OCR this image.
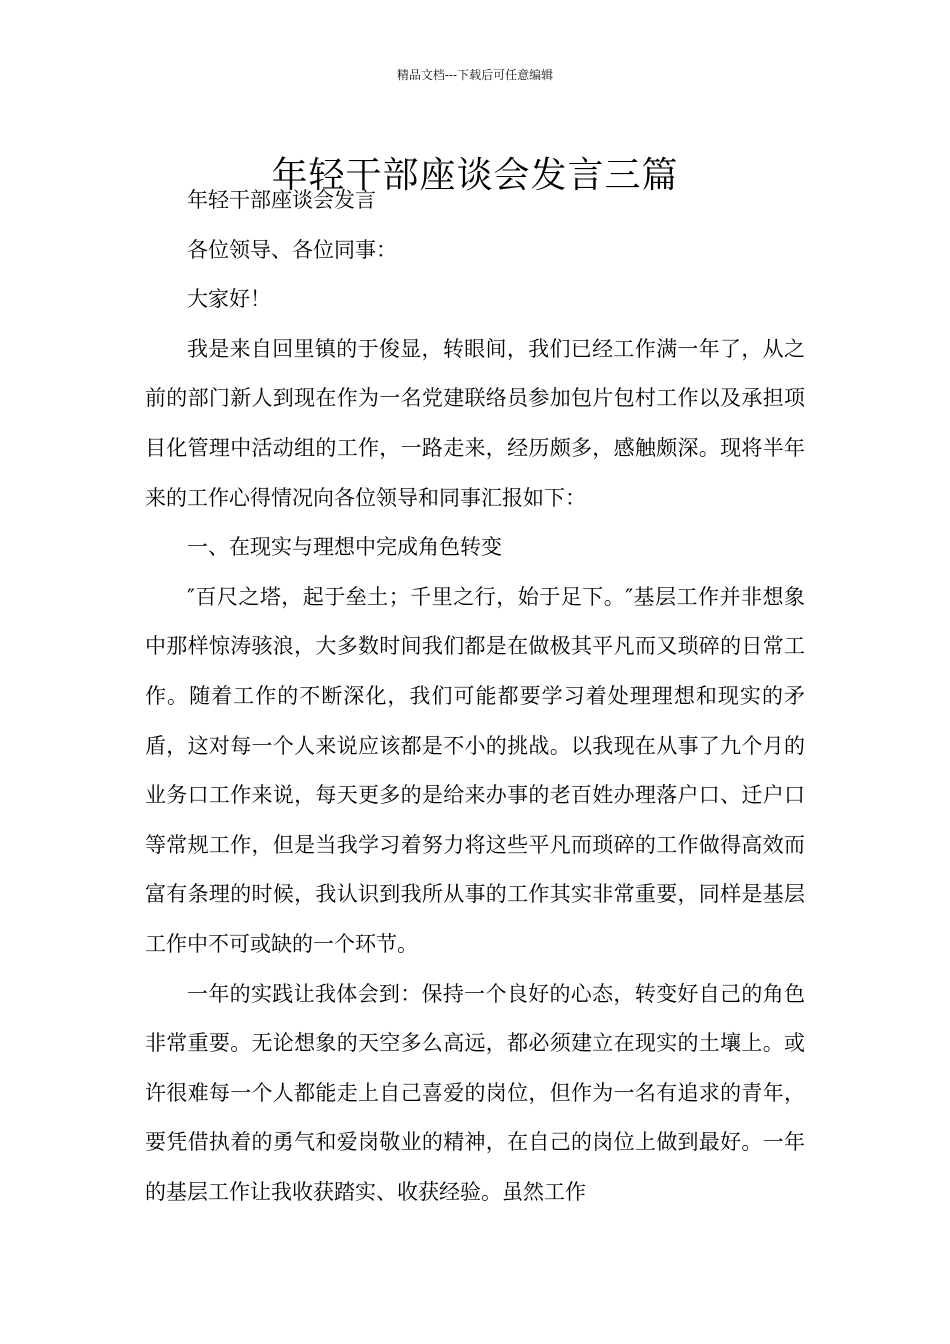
精品文档---下载后可任意编辑
年轻干部座谈会发言三篇

年轻干部座谈会发言

各位领导、各位同事：

大家好！

我是来自回里镇的于俊显，转眼间，我们已经工作满一年了，从之前的部门新人到现在作为一名党建联络员参加包片包村工作以及承担项目化管理中活动组的工作，一路走来，经历颇多，感触颇深。现将半年来的工作心得情况向各位领导和同事汇报如下：

一、在现实与理想中完成角色转变

″百尺之塔，起于垒土；千里之行，始于足下。″基层工作并非想象中那样惊涛骇浪，大多数时间我们都是在做极其平凡而又琐碎的日常工作。随着工作的不断深化，我们可能都要学习着处理理想和现实的矛盾，这对每一个人来说应该都是不小的挑战。以我现在从事了九个月的业务口工作来说，每天更多的是给来办事的老百姓办理落户口、迁户口等常规工作，但是当我学习着努力将这些平凡而琐碎的工作做得高效而富有条理的时候，我认识到我所从事的工作其实非常重要，同样是基层工作中不可或缺的一个环节。

一年的实践让我体会到：保持一个良好的心态，转变好自己的角色非常重要。无论想象的天空多么高远，都必须建立在现实的土壤上。或许很难每一个人都能走上自己喜爱的岗位，但作为一名有追求的青年，要凭借执着的勇气和爱岗敬业的精神，在自己的岗位上做到最好。一年的基层工作让我收获踏实、收获经验。虽然工作
